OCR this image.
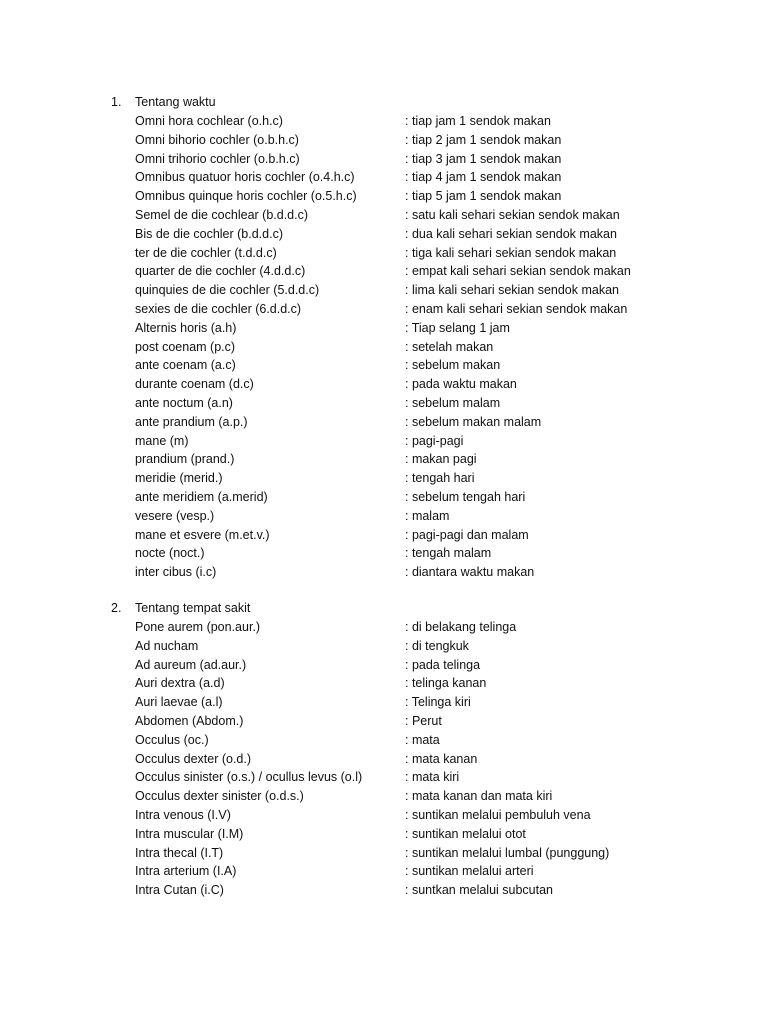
1. Tentang waktu
Omni hora cochlear (o.h.c)	: tiap jam 1 sendok makan
Omni bihorio cochler (o.b.h.c)	: tiap 2 jam 1 sendok makan
Omni trihorio cochler (o.b.h.c)	: tiap 3 jam 1 sendok makan
Omnibus quatuor horis cochler (o.4.h.c)	: tiap 4 jam 1 sendok makan
Omnibus quinque horis cochler (o.5.h.c)	: tiap 5 jam 1 sendok makan
Semel de die cochlear (b.d.d.c)	: satu kali sehari sekian sendok makan
Bis de die cochler (b.d.d.c)	: dua kali sehari sekian sendok makan
ter de die cochler (t.d.d.c)	: tiga kali sehari sekian sendok makan
quarter de die cochler (4.d.d.c)	: empat kali sehari sekian sendok makan
quinquies de die cochler (5.d.d.c)	: lima kali sehari sekian sendok makan
sexies de die cochler (6.d.d.c)	: enam kali sehari sekian sendok makan
Alternis horis (a.h)	: Tiap selang 1 jam
post coenam (p.c)	: setelah makan
ante coenam (a.c)	: sebelum makan
durante coenam (d.c)	: pada waktu makan
ante noctum (a.n)	: sebelum malam
ante prandium (a.p.)	: sebelum makan malam
mane (m)	: pagi-pagi
prandium (prand.)	: makan pagi
meridie (merid.)	: tengah hari
ante meridiem (a.merid)	: sebelum tengah hari
vesere (vesp.)	: malam
mane et esvere (m.et.v.)	: pagi-pagi dan malam
nocte (noct.)	: tengah malam
inter cibus (i.c)	: diantara waktu makan
2. Tentang tempat sakit
Pone aurem (pon.aur.)	: di belakang telinga
Ad nucham	: di tengkuk
Ad aureum (ad.aur.)	: pada telinga
Auri dextra (a.d)	: telinga kanan
Auri laevae (a.l)	: Telinga kiri
Abdomen (Abdom.)	: Perut
Occulus (oc.)	: mata
Occulus dexter (o.d.)	: mata kanan
Occulus sinister (o.s.) / ocullus levus (o.l)	: mata kiri
Occulus dexter sinister (o.d.s.)	: mata kanan dan mata kiri
Intra venous (I.V)	: suntikan melalui pembuluh vena
Intra muscular (I.M)	: suntikan melalui otot
Intra thecal (I.T)	: suntikan melalui lumbal (punggung)
Intra arterium (I.A)	: suntikan melalui arteri
Intra Cutan (i.C)	: suntkan melalui subcutan
